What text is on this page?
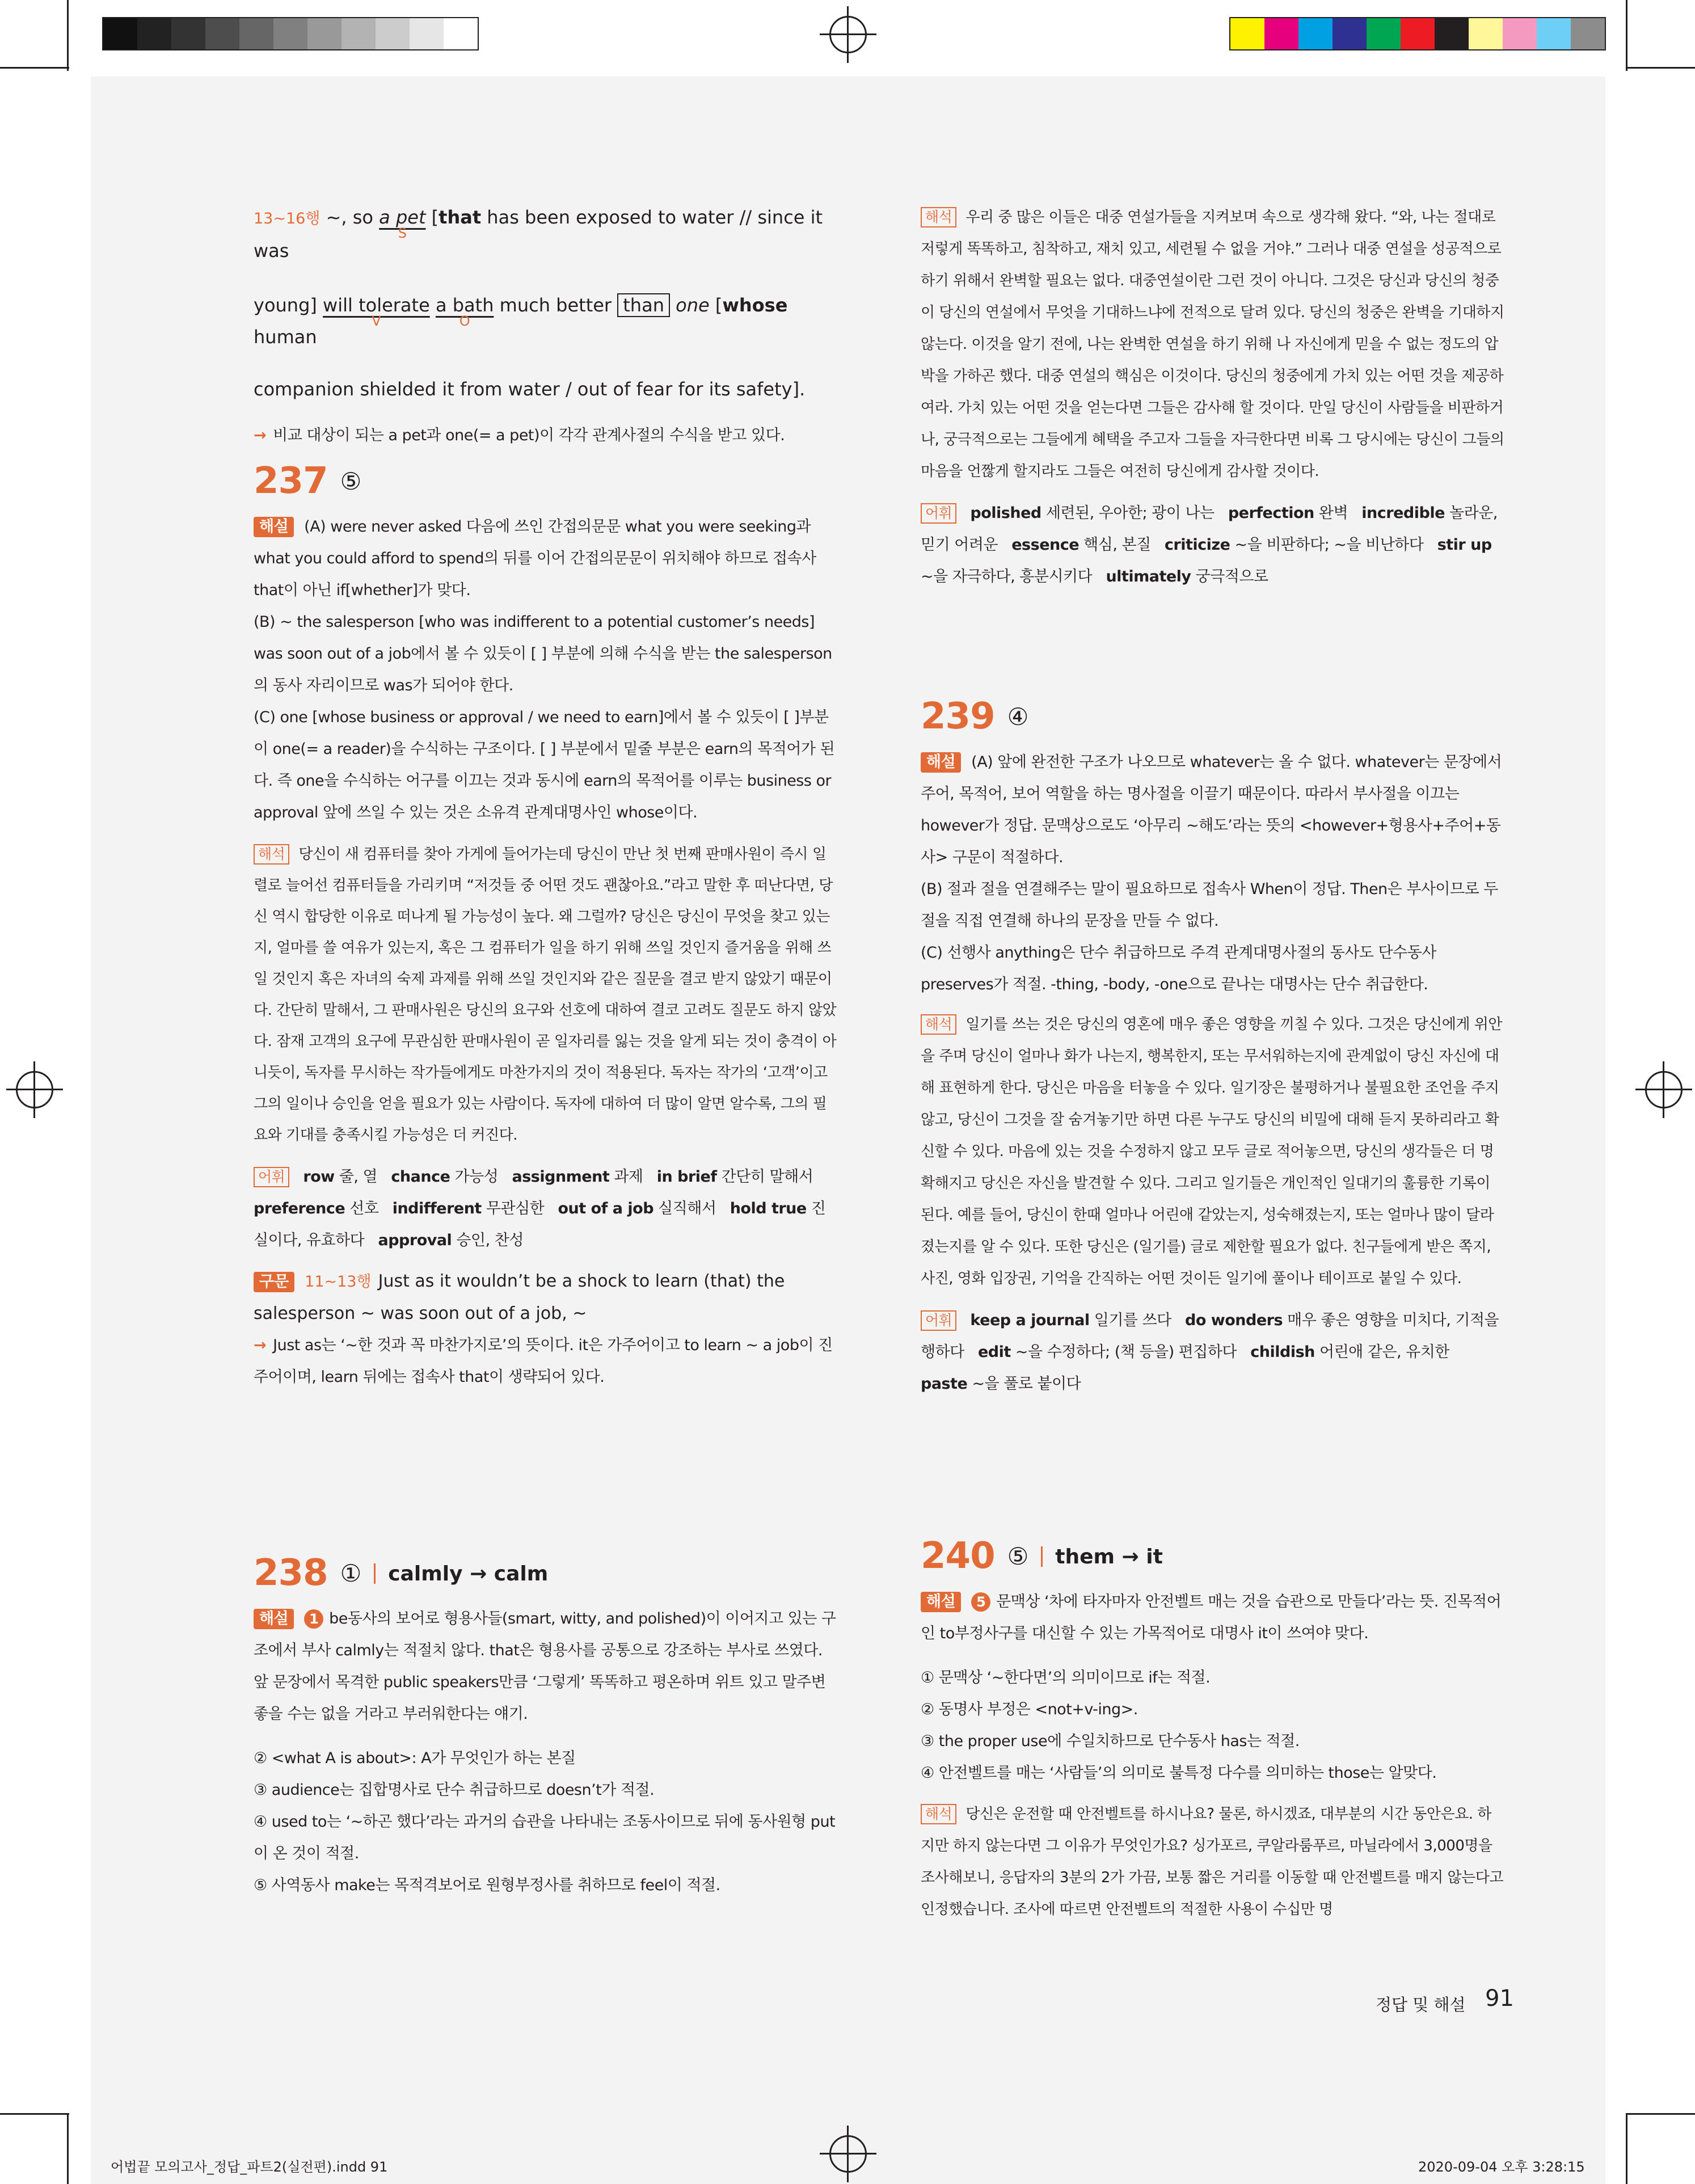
13~16행 ~, so a pet
S
[that has been exposed to water // since it was

young] will tolerate
V
a bath
O
much better than one [whose human

companion shielded it from water / out of fear for its safety].

→ 비교 대상이 되는 a pet과 one(= a pet)이 각각 관계사절의 수식을 받고 있다.

237 ⑤

해설 (A) were never asked 다음에 쓰인 간접의문문 what you were seeking과 what you could afford to spend의 뒤를 이어 간접의문문이 위치해야 하므로 접속사 that이 아닌 if[whether]가 맞다.

(B) ~ the salesperson [who was indifferent to a potential customer’s needs] was soon out of a job에서 볼 수 있듯이 [ ] 부분에 의해 수식을 받는 the salesperson의 동사 자리이므로 was가 되어야 한다.

(C) one [whose business or approval / we need to earn]에서 볼 수 있듯이 [ ]부분이 one(= a reader)을 수식하는 구조이다. [ ] 부분에서 밑줄 부분은 earn의 목적어가 된다. 즉 one을 수식하는 어구를 이끄는 것과 동시에 earn의 목적어를 이루는 business or approval 앞에 쓰일 수 있는 것은 소유격 관계대명사인 whose이다.

해석 당신이 새 컴퓨터를 찾아 가게에 들어가는데 당신이 만난 첫 번째 판매사원이 즉시 일렬로 늘어선 컴퓨터들을 가리키며 “저것들 중 어떤 것도 괜찮아요.”라고 말한 후 떠난다면, 당신 역시 합당한 이유로 떠나게 될 가능성이 높다. 왜 그럴까? 당신은 당신이 무엇을 찾고 있는지, 얼마를 쓸 여유가 있는지, 혹은 그 컴퓨터가 일을 하기 위해 쓰일 것인지 즐거움을 위해 쓰일 것인지 혹은 자녀의 숙제 과제를 위해 쓰일 것인지와 같은 질문을 결코 받지 않았기 때문이다. 간단히 말해서, 그 판매사원은 당신의 요구와 선호에 대하여 결코 고려도 질문도 하지 않았다. 잠재 고객의 요구에 무관심한 판매사원이 곧 일자리를 잃는 것을 알게 되는 것이 충격이 아니듯이, 독자를 무시하는 작가들에게도 마찬가지의 것이 적용된다. 독자는 작가의 ‘고객’이고 그의 일이나 승인을 얻을 필요가 있는 사람이다. 독자에 대하여 더 많이 알면 알수록, 그의 필요와 기대를 충족시킬 가능성은 더 커진다.

어휘 row 줄, 열 chance 가능성 assignment 과제 in brief 간단히 말해서 preference 선호 indifferent 무관심한 out of a job 실직해서 hold true 진실이다, 유효하다 approval 승인, 찬성

구문 11~13행 Just as it wouldn’t be a shock to learn (that) the salesperson ~ was soon out of a job, ~

→ Just as는 ‘~한 것과 꼭 마찬가지로’의 뜻이다. it은 가주어이고 to learn ~ a job이 진주어이며, learn 뒤에는 접속사 that이 생략되어 있다.

238 ① calmly → calm

해설 1 be동사의 보어로 형용사들(smart, witty, and polished)이 이어지고 있는 구조에서 부사 calmly는 적절치 않다. that은 형용사를 공통으로 강조하는 부사로 쓰였다. 앞 문장에서 목격한 public speakers만큼 ‘그렇게’ 똑똑하고 평온하며 위트 있고 말주변 좋을 수는 없을 거라고 부러워한다는 얘기.

② <what A is about>: A가 무엇인가 하는 본질

③ audience는 집합명사로 단수 취급하므로 doesn’t가 적절.

④ used to는 ‘~하곤 했다’라는 과거의 습관을 나타내는 조동사이므로 뒤에 동사원형 put이 온 것이 적절.

⑤ 사역동사 make는 목적격보어로 원형부정사를 취하므로 feel이 적절.

해석 우리 중 많은 이들은 대중 연설가들을 지켜보며 속으로 생각해 왔다. “와, 나는 절대로 저렇게 똑똑하고, 침착하고, 재치 있고, 세련될 수 없을 거야.” 그러나 대중 연설을 성공적으로 하기 위해서 완벽할 필요는 없다. 대중연설이란 그런 것이 아니다. 그것은 당신과 당신의 청중이 당신의 연설에서 무엇을 기대하느냐에 전적으로 달려 있다. 당신의 청중은 완벽을 기대하지 않는다. 이것을 알기 전에, 나는 완벽한 연설을 하기 위해 나 자신에게 믿을 수 없는 정도의 압박을 가하곤 했다. 대중 연설의 핵심은 이것이다. 당신의 청중에게 가치 있는 어떤 것을 제공하여라. 가치 있는 어떤 것을 얻는다면 그들은 감사해 할 것이다. 만일 당신이 사람들을 비판하거나, 궁극적으로는 그들에게 혜택을 주고자 그들을 자극한다면 비록 그 당시에는 당신이 그들의 마음을 언짢게 할지라도 그들은 여전히 당신에게 감사할 것이다.

어휘 polished 세련된, 우아한; 광이 나는 perfection 완벽 incredible 놀라운, 믿기 어려운 essence 핵심, 본질 criticize ~을 비판하다; ~을 비난하다 stir up ~을 자극하다, 흥분시키다 ultimately 궁극적으로

239 ④

해설 (A) 앞에 완전한 구조가 나오므로 whatever는 올 수 없다. whatever는 문장에서 주어, 목적어, 보어 역할을 하는 명사절을 이끌기 때문이다. 따라서 부사절을 이끄는 however가 정답. 문맥상으로도 ‘아무리 ~해도’라는 뜻의 <however+형용사+주어+동사> 구문이 적절하다.

(B) 절과 절을 연결해주는 말이 필요하므로 접속사 When이 정답. Then은 부사이므로 두 절을 직접 연결해 하나의 문장을 만들 수 없다.

(C) 선행사 anything은 단수 취급하므로 주격 관계대명사절의 동사도 단수동사 preserves가 적절. -thing, -body, -one으로 끝나는 대명사는 단수 취급한다.

해석 일기를 쓰는 것은 당신의 영혼에 매우 좋은 영향을 끼칠 수 있다. 그것은 당신에게 위안을 주며 당신이 얼마나 화가 나는지, 행복한지, 또는 무서워하는지에 관계없이 당신 자신에 대해 표현하게 한다. 당신은 마음을 터놓을 수 있다. 일기장은 불평하거나 불필요한 조언을 주지 않고, 당신이 그것을 잘 숨겨놓기만 하면 다른 누구도 당신의 비밀에 대해 듣지 못하리라고 확신할 수 있다. 마음에 있는 것을 수정하지 않고 모두 글로 적어놓으면, 당신의 생각들은 더 명확해지고 당신은 자신을 발견할 수 있다. 그리고 일기들은 개인적인 일대기의 훌륭한 기록이 된다. 예를 들어, 당신이 한때 얼마나 어린애 같았는지, 성숙해졌는지, 또는 얼마나 많이 달라졌는지를 알 수 있다. 또한 당신은 (일기를) 글로 제한할 필요가 없다. 친구들에게 받은 쪽지, 사진, 영화 입장권, 기억을 간직하는 어떤 것이든 일기에 풀이나 테이프로 붙일 수 있다.

어휘 keep a journal 일기를 쓰다 do wonders 매우 좋은 영향을 미치다, 기적을 행하다 edit ~을 수정하다; (책 등을) 편집하다 childish 어린애 같은, 유치한   paste ~을 풀로 붙이다

240 ⑤ them → it

해설 5 문맥상 ‘차에 타자마자 안전벨트 매는 것을 습관으로 만들다’라는 뜻. 진목적어인 to부정사구를 대신할 수 있는 가목적어로 대명사 it이 쓰여야 맞다.

① 문맥상 ‘~한다면’의 의미이므로 if는 적절.

② 동명사 부정은 <not+v-ing>.

③ the proper use에 수일치하므로 단수동사 has는 적절.

④ 안전벨트를 매는 ‘사람들’의 의미로 불특정 다수를 의미하는 those는 알맞다.

해석 당신은 운전할 때 안전벨트를 하시나요? 물론, 하시겠죠, 대부분의 시간 동안은요. 하지만 하지 않는다면 그 이유가 무엇인가요? 싱가포르, 쿠알라룸푸르, 마닐라에서 3,000명을 조사해보니, 응답자의 3분의 2가 가끔, 보통 짧은 거리를 이동할 때 안전벨트를 매지 않는다고 인정했습니다. 조사에 따르면 안전벨트의 적절한 사용이 수십만 명

정답 및 해설 91
어법끝 모의고사_정답_파트2(실전편).indd 91	2020-09-04 오후 3:28:15
